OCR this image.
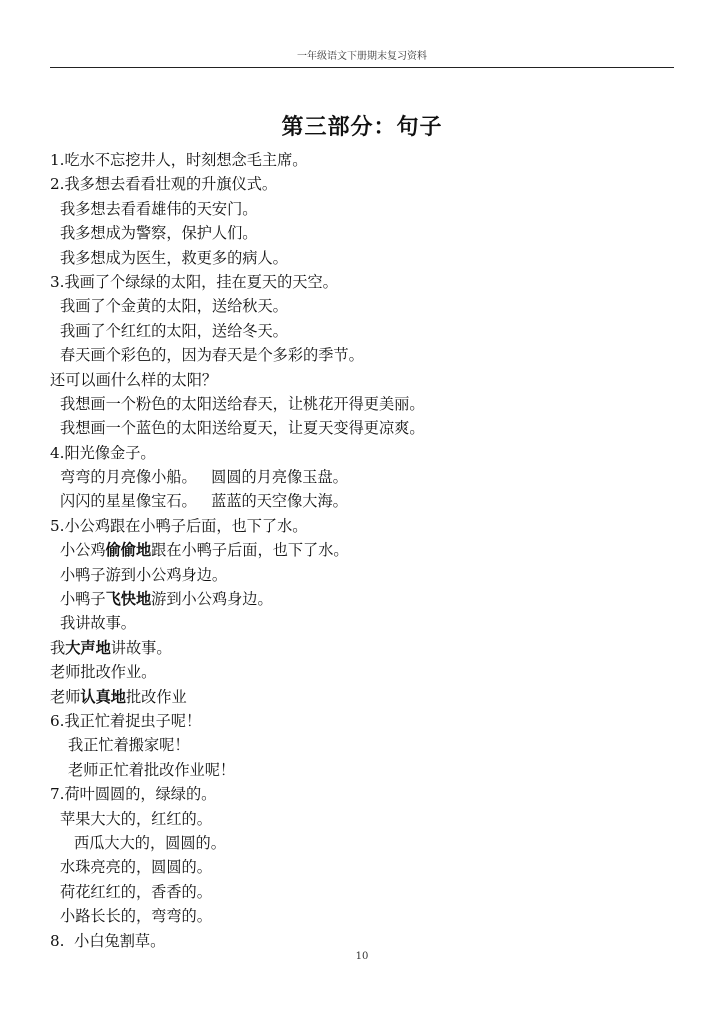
一年级语文下册期末复习资料
第三部分：句子
1.吃水不忘挖井人，时刻想念毛主席。
2.我多想去看看壮观的升旗仪式。
我多想去看看雄伟的天安门。
我多想成为警察，保护人们。
我多想成为医生，救更多的病人。
3.我画了个绿绿的太阳，挂在夏天的天空。
我画了个金黄的太阳，送给秋天。
我画了个红红的太阳，送给冬天。
春天画个彩色的，因为春天是个多彩的季节。
还可以画什么样的太阳？
我想画一个粉色的太阳送给春天，让桃花开得更美丽。
我想画一个蓝色的太阳送给夏天，让夏天变得更凉爽。
4.阳光像金子。
弯弯的月亮像小船。   圆圆的月亮像玉盘。
闪闪的星星像宝石。   蓝蓝的天空像大海。
5.小公鸡跟在小鸭子后面，也下了水。
小公鸡偷偷地跟在小鸭子后面，也下了水。
小鸭子游到小公鸡身边。
小鸭子飞快地游到小公鸡身边。
我讲故事。
我大声地讲故事。
老师批改作业。
老师认真地批改作业
6.我正忙着捉虫子呢！
我正忙着搬家呢！
老师正忙着批改作业呢！
7.荷叶圆圆的，绿绿的。
苹果大大的，红红的。
西瓜大大的，圆圆的。
水珠亮亮的，圆圆的。
荷花红红的，香香的。
小路长长的，弯弯的。
8.  小白兔割草。
10
